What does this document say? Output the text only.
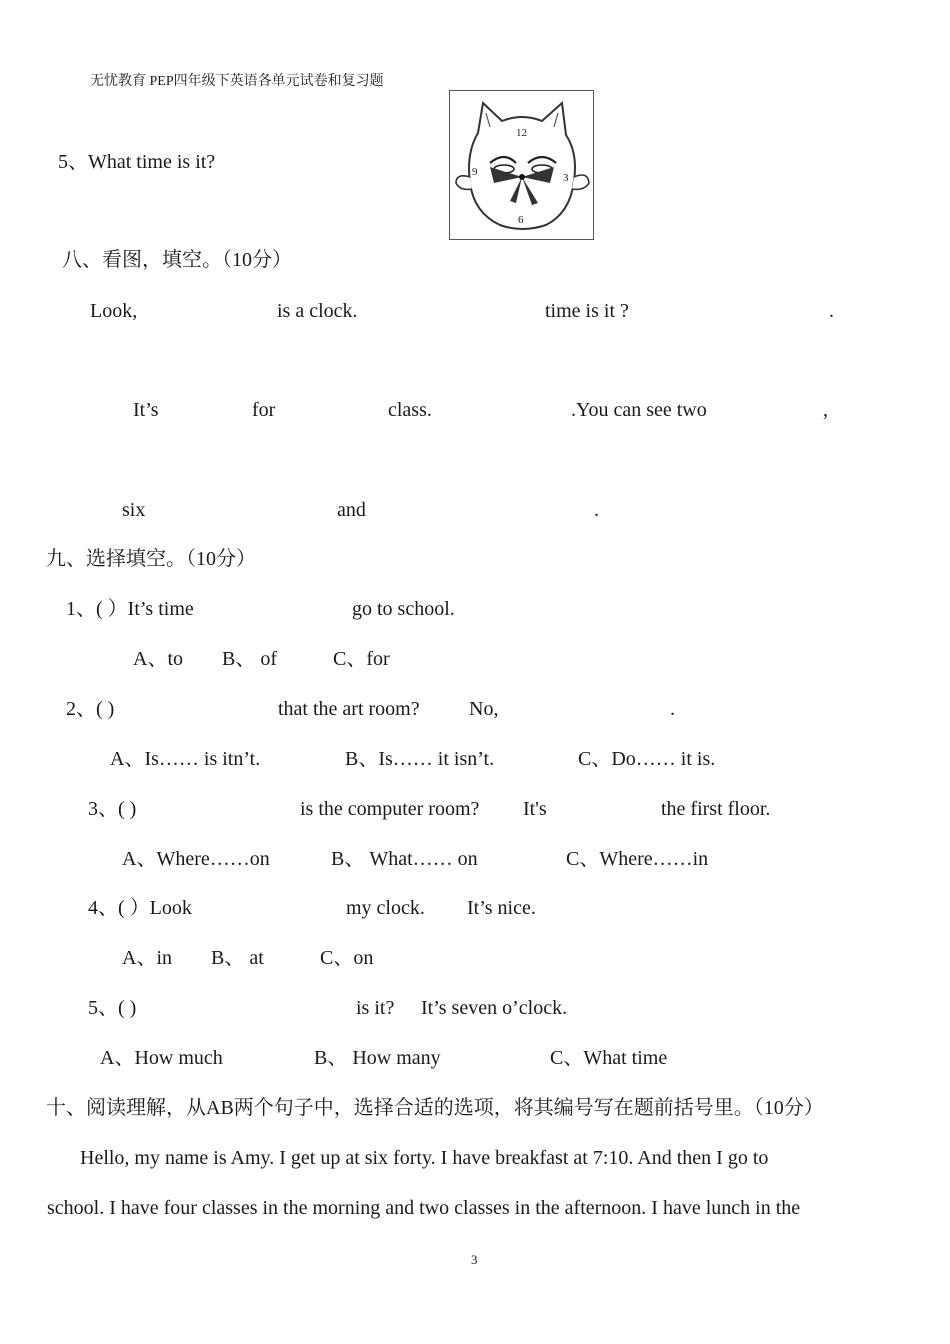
无忧教育 PEP四年级下英语各单元试卷和复习题
5、What time is it?
12
3
6
9
八、看图，填空。（10分）
Look,	is a clock.	time is it ?	.
It’s	for	class.	.You can see two	,
six	and	.
九、选择填空。（10分）
1、( ）It’s time	go to school.
A、to B、 of	C、for
2、( )	that the art room? No,	.
A、Is…… is itn’t.	B、Is…… it isn’t.	C、Do…… it is.
3、( )	is the computer room? It's	the first floor.
A、Where……on	B、 What…… on	C、Where……in
4、( ）Look	my clock. It’s nice.
A、in B、 at	C、on
5、( )	is it? It’s seven o’clock.
A、How much	B、 How many	C、What time
十、阅读理解，从AB两个句子中，选择合适的选项，将其编号写在题前括号里。（10分）
Hello, my name is Amy. I get up at six forty. I have breakfast at 7:10. And then I go to
school. I have four classes in the morning and two classes in the afternoon. I have lunch in the
3
